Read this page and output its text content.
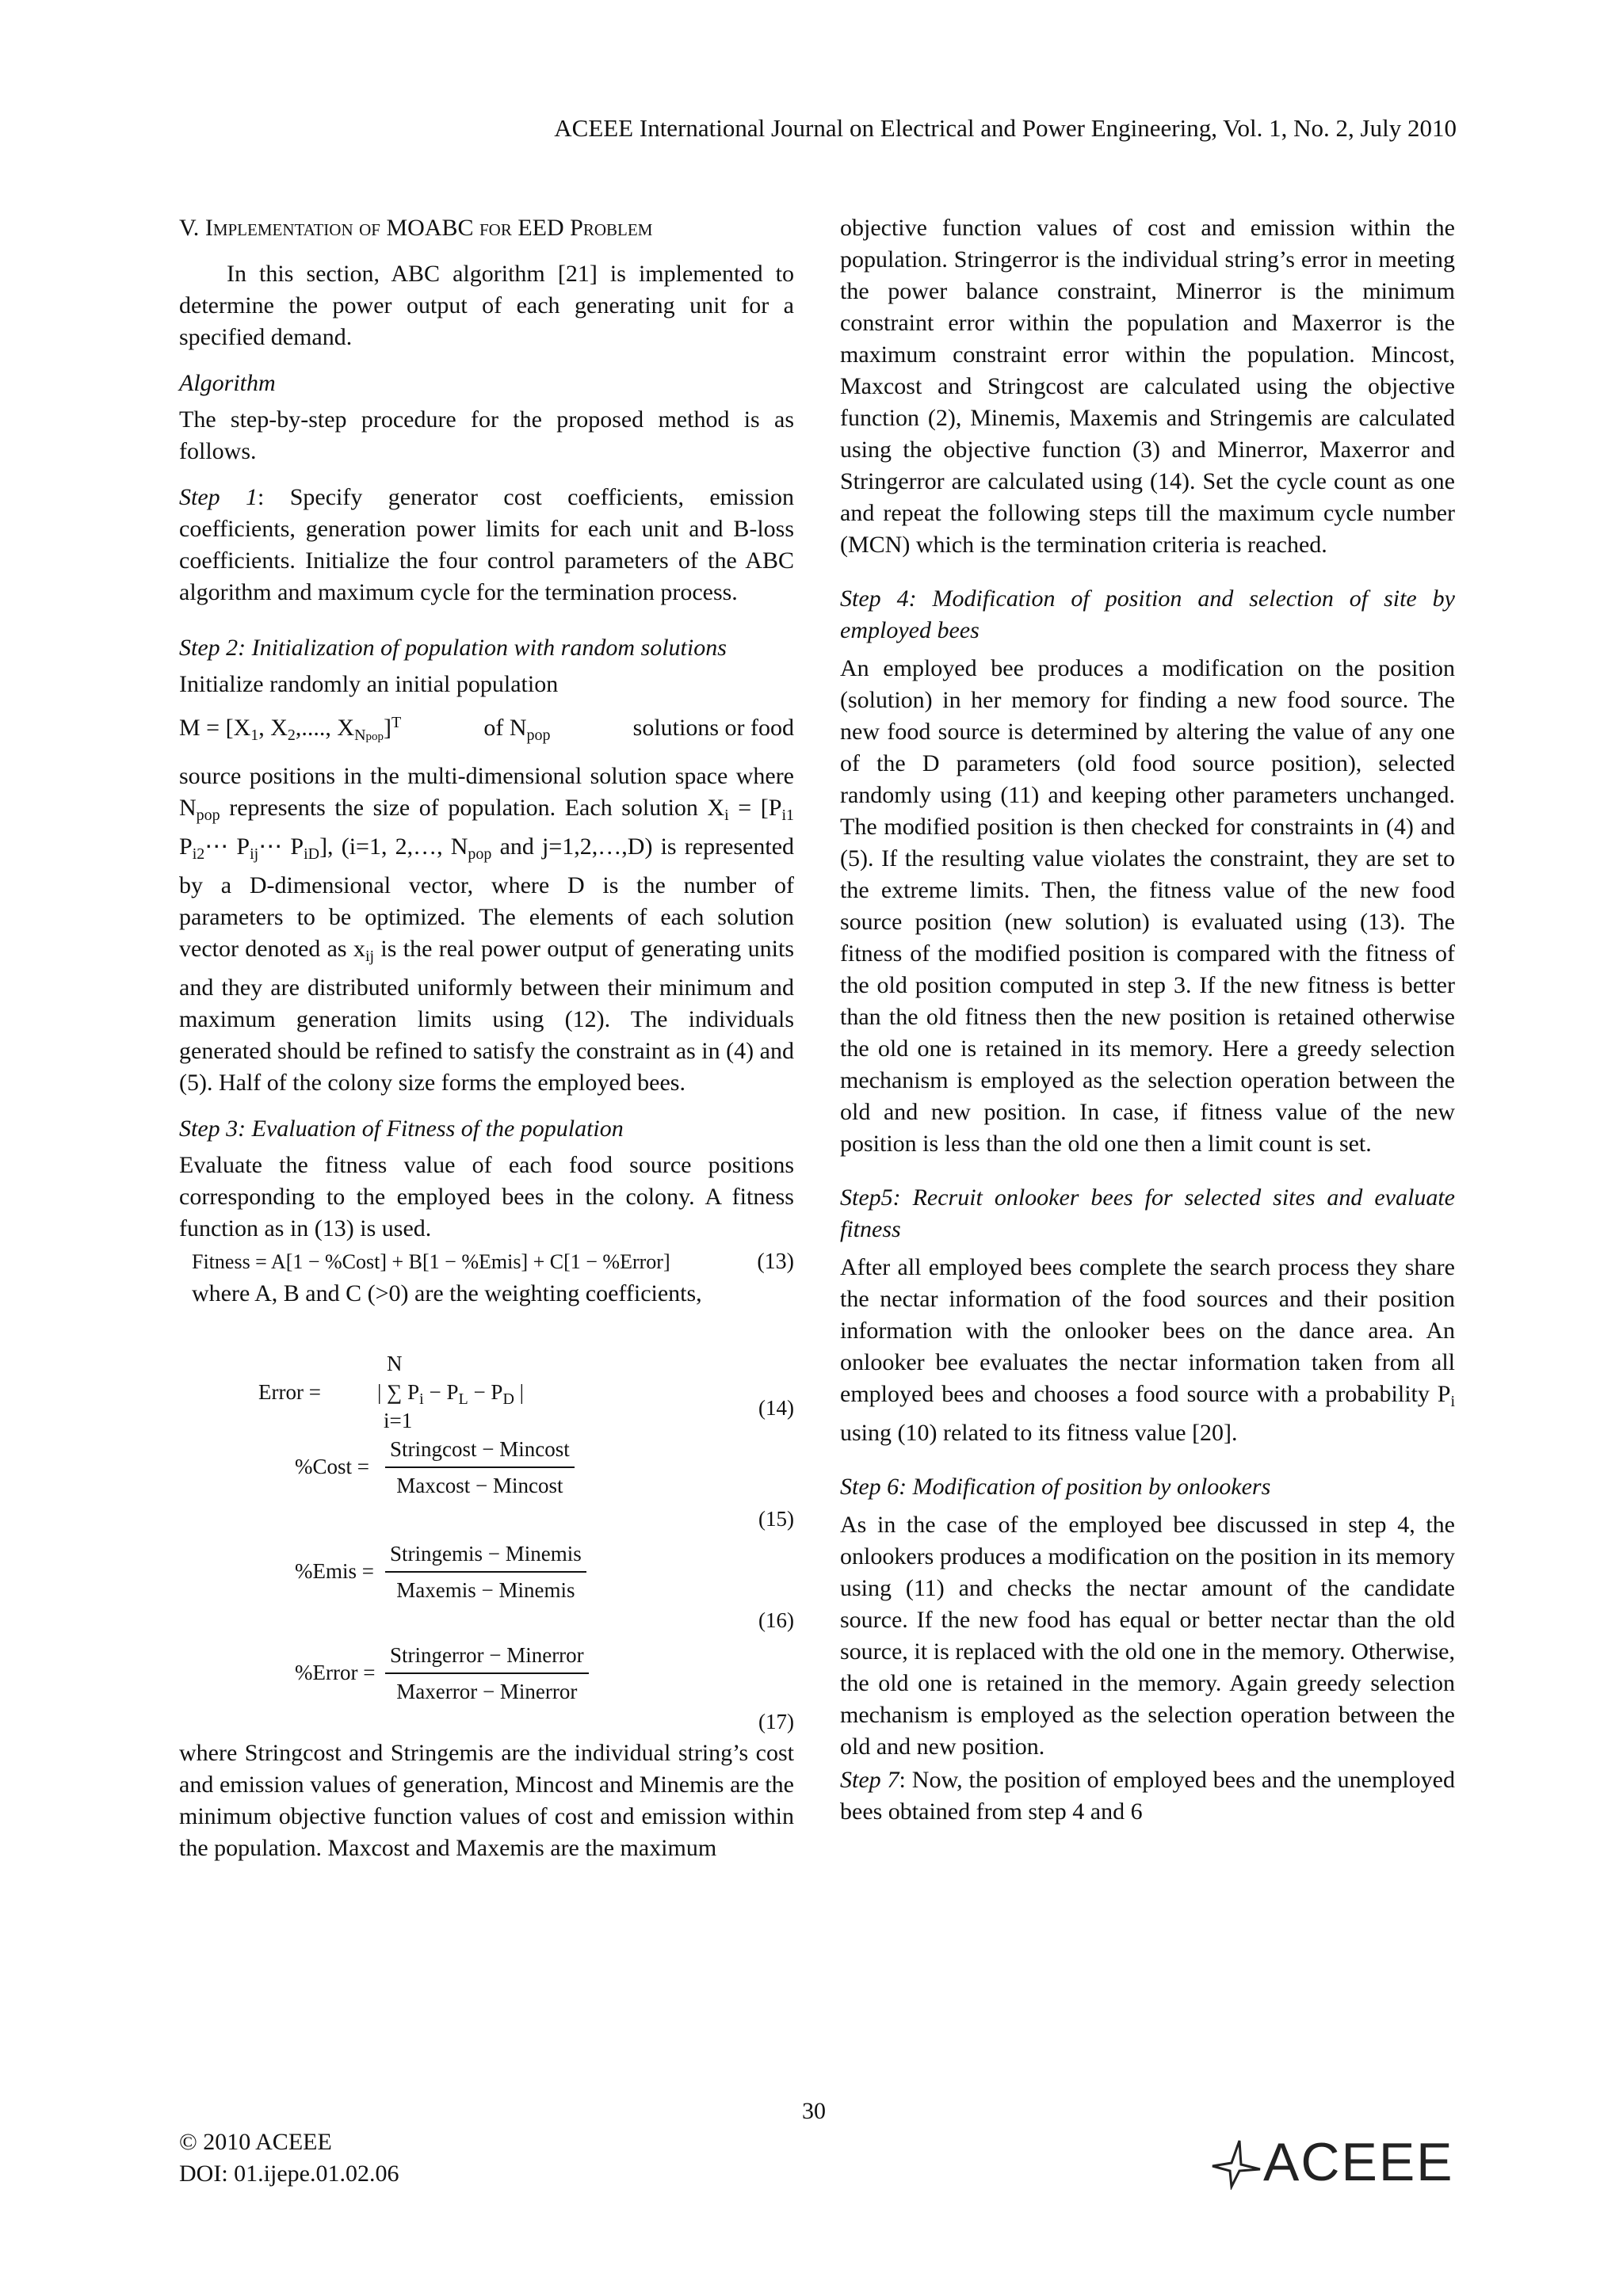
ACEEE International Journal on Electrical and Power Engineering, Vol. 1, No. 2, July 2010

V. Implementation of MOABC for EED Problem

In this section, ABC algorithm [21] is implemented to determine the power output of each generating unit for a specified demand.

Algorithm

The step-by-step procedure for the proposed method is as follows.

Step 1: Specify generator cost coefficients, emission coefficients, generation power limits for each unit and B-loss coefficients. Initialize the four control parameters of the ABC algorithm and maximum cycle for the termination process.

Step 2: Initialization of population with random solutions

Initialize randomly an initial population
$M = [X_1$, $X_2$,...., $X_{Npop}]^T$	of $N_{pop}$	solutions or food
source positions in the multi-dimensional solution space where $N_{pop}$ represents the size of population. Each solution $X_i = [P_{i1}$ $P_{i2}\cdots$ $P_{ij}\cdots$ $P_{iD}$], (i=1, 2,…, $N_{pop}$ and j=1,2,…,D) is represented by a D-dimensional vector, where D is the number of parameters to be optimized. The elements of each solution vector denoted as $x_{ij}$ is the real power output of generating units and they are distributed uniformly between their minimum and maximum generation limits using (12). The individuals generated should be refined to satisfy the constraint as in (4) and (5). Half of the colony size forms the employed bees.

Step 3: Evaluation of Fitness of the population

Evaluate the fitness value of each food source positions corresponding to the employed bees in the colony. A fitness function as in (13) is used.

Fitness = A[1 − %Cost] + B[1 − %Emis] + C[1 − %Error]	(13)

where A, B and C (>0) are the weighting coefficients,

Error =
N
| ∑ $P_i - P_L - P_D$ |
i=1
(14)
%Cost =
Stringcost − Mincost
Maxcost − Mincost
(15)
%Emis =
Stringemis − Minemis
Maxemis − Minemis
(16)
%Error =
Stringerror − Minerror
Maxerror − Minerror
(17)

where Stringcost and Stringemis are the individual string’s cost and emission values of generation, Mincost and Minemis are the minimum objective function values of cost and emission within the population. Maxcost and Maxemis are the maximum

objective function values of cost and emission within the population. Stringerror is the individual string’s error in meeting the power balance constraint, Minerror is the minimum constraint error within the population and Maxerror is the maximum constraint error within the population. Mincost, Maxcost and Stringcost are calculated using the objective function (2), Minemis, Maxemis and Stringemis are calculated using the objective function (3) and Minerror, Maxerror and Stringerror are calculated using (14). Set the cycle count as one and repeat the following steps till the maximum cycle number (MCN) which is the termination criteria is reached.

Step 4: Modification of position and selection of site by employed bees

An employed bee produces a modification on the position (solution) in her memory for finding a new food source. The new food source is determined by altering the value of any one of the D parameters (old food source position), selected randomly using (11) and keeping other parameters unchanged. The modified position is then checked for constraints in (4) and (5). If the resulting value violates the constraint, they are set to the extreme limits. Then, the fitness value of the new food source position (new solution) is evaluated using (13). The fitness of the modified position is compared with the fitness of the old position computed in step 3. If the new fitness is better than the old fitness then the new position is retained otherwise the old one is retained in its memory. Here a greedy selection mechanism is employed as the selection operation between the old and new position. In case, if fitness value of the new position is less than the old one then a limit count is set.

Step5: Recruit onlooker bees for selected sites and evaluate fitness

After all employed bees complete the search process they share the nectar information of the food sources and their position information with the onlooker bees on the dance area. An onlooker bee evaluates the nectar information taken from all employed bees and chooses a food source with a probability $P_i$ using (10) related to its fitness value [20].

Step 6: Modification of position by onlookers

As in the case of the employed bee discussed in step 4, the onlookers produces a modification on the position in its memory using (11) and checks the nectar amount of the candidate source. If the new food has equal or better nectar than the old source, it is replaced with the old one in the memory. Otherwise, the old one is retained in the memory. Again greedy selection mechanism is employed as the selection operation between the old and new position.

Step 7: Now, the position of employed bees and the unemployed bees obtained from step 4 and 6

30
© 2010 ACEEE
DOI: 01.ijepe.01.02.06	ACEEE
